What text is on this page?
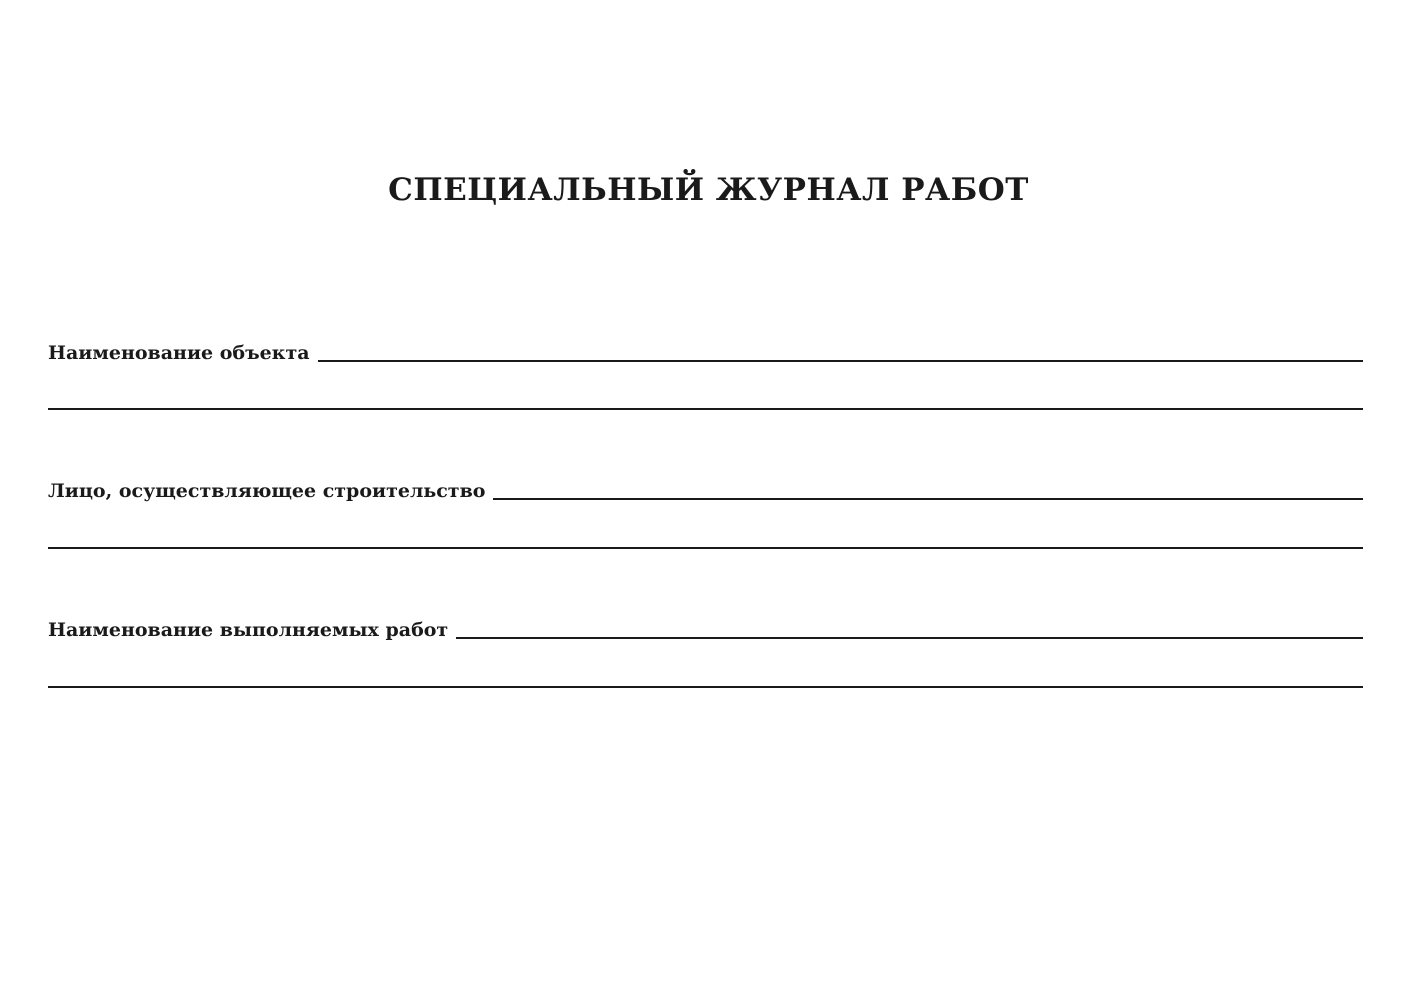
СПЕЦИАЛЬНЫЙ ЖУРНАЛ РАБОТ
Наименование объекта
Лицо, осуществляющее строительство
Наименование выполняемых работ
